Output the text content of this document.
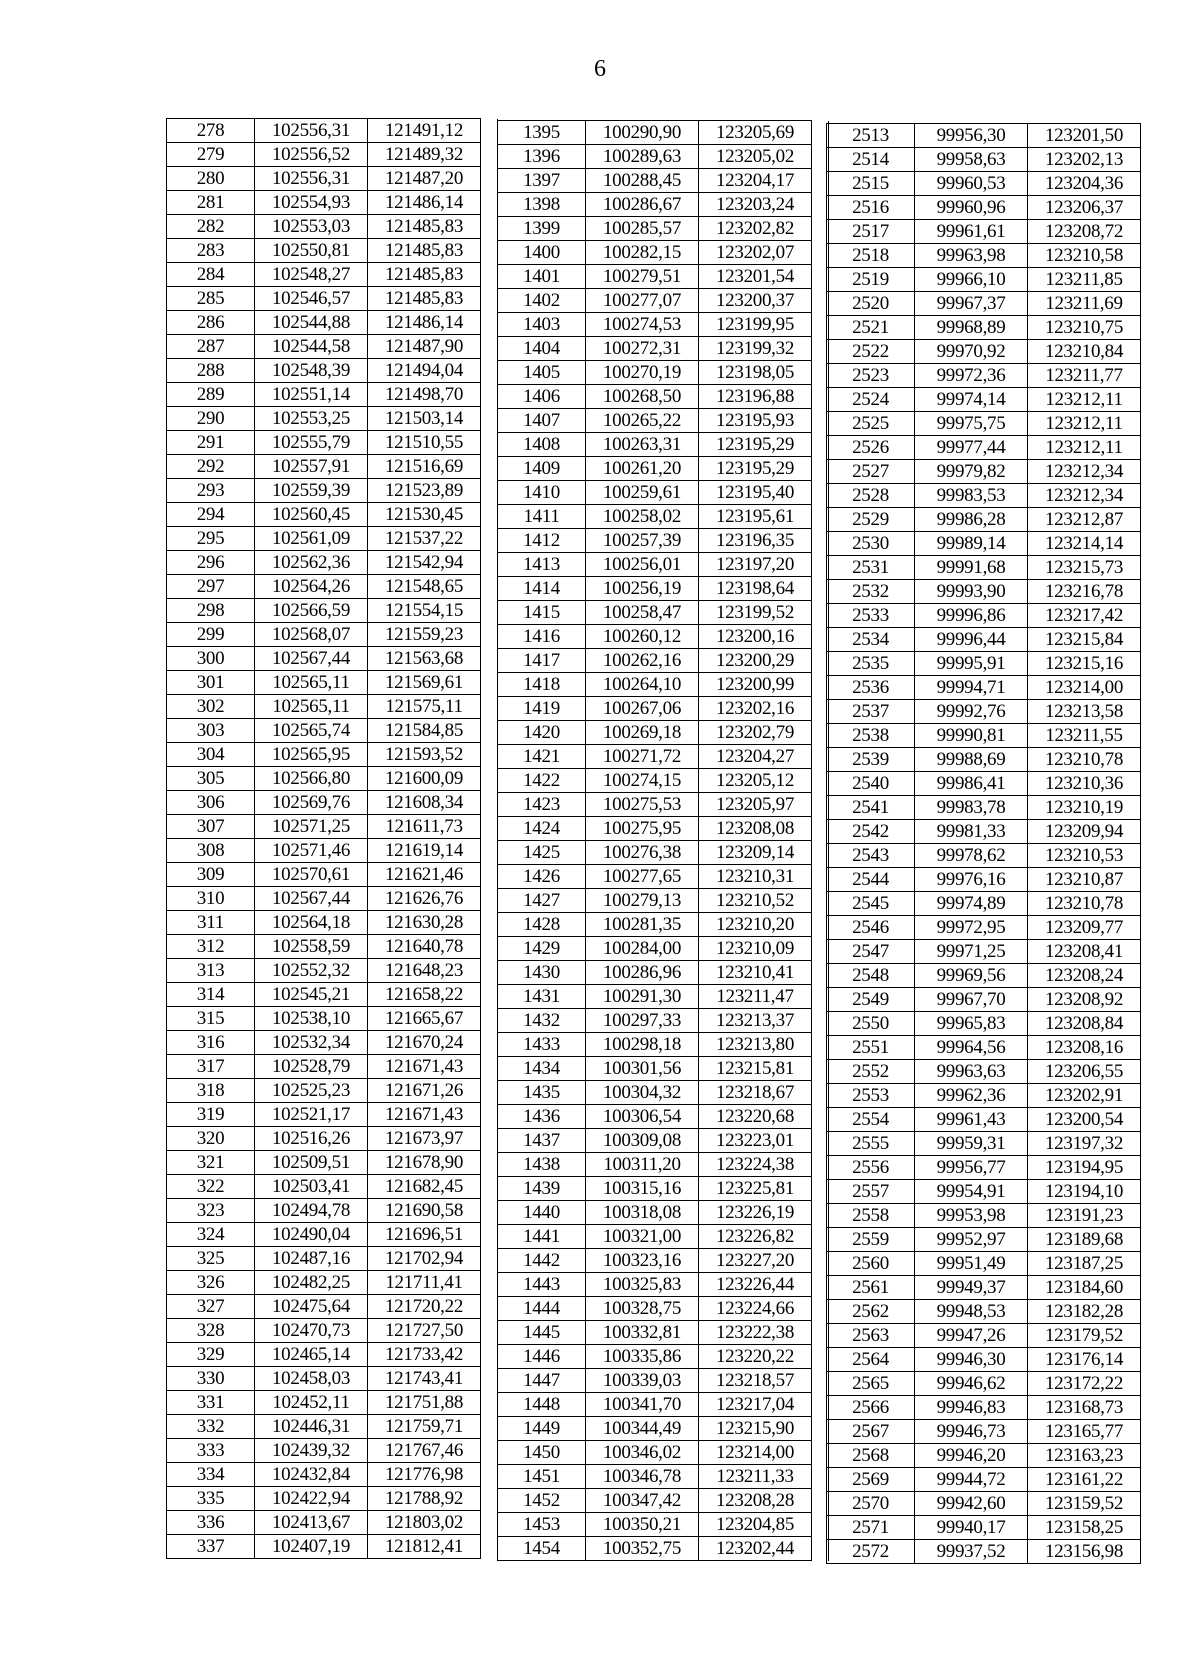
6
278	102556,31	121491,12	
279	102556,52	121489,32	
280	102556,31	121487,20	
281	102554,93	121486,14	
282	102553,03	121485,83	
283	102550,81	121485,83	
284	102548,27	121485,83	
285	102546,57	121485,83	
286	102544,88	121486,14	
287	102544,58	121487,90	
288	102548,39	121494,04	
289	102551,14	121498,70	
290	102553,25	121503,14	
291	102555,79	121510,55	
292	102557,91	121516,69	
293	102559,39	121523,89	
294	102560,45	121530,45	
295	102561,09	121537,22	
296	102562,36	121542,94	
297	102564,26	121548,65	
298	102566,59	121554,15	
299	102568,07	121559,23	
300	102567,44	121563,68	
301	102565,11	121569,61	
302	102565,11	121575,11	
303	102565,74	121584,85	
304	102565,95	121593,52	
305	102566,80	121600,09	
306	102569,76	121608,34	
307	102571,25	121611,73	
308	102571,46	121619,14	
309	102570,61	121621,46	
310	102567,44	121626,76	
311	102564,18	121630,28	
312	102558,59	121640,78	
313	102552,32	121648,23	
314	102545,21	121658,22	
315	102538,10	121665,67	
316	102532,34	121670,24	
317	102528,79	121671,43	
318	102525,23	121671,26	
319	102521,17	121671,43	
320	102516,26	121673,97	
321	102509,51	121678,90	
322	102503,41	121682,45	
323	102494,78	121690,58	
324	102490,04	121696,51	
325	102487,16	121702,94	
326	102482,25	121711,41	
327	102475,64	121720,22	
328	102470,73	121727,50	
329	102465,14	121733,42	
330	102458,03	121743,41	
331	102452,11	121751,88	
332	102446,31	121759,71	
333	102439,32	121767,46	
334	102432,84	121776,98	
335	102422,94	121788,92	
336	102413,67	121803,02	
337	102407,19	121812,41	
1395	100290,90	123205,69	
1396	100289,63	123205,02	
1397	100288,45	123204,17	
1398	100286,67	123203,24	
1399	100285,57	123202,82	
1400	100282,15	123202,07	
1401	100279,51	123201,54	
1402	100277,07	123200,37	
1403	100274,53	123199,95	
1404	100272,31	123199,32	
1405	100270,19	123198,05	
1406	100268,50	123196,88	
1407	100265,22	123195,93	
1408	100263,31	123195,29	
1409	100261,20	123195,29	
1410	100259,61	123195,40	
1411	100258,02	123195,61	
1412	100257,39	123196,35	
1413	100256,01	123197,20	
1414	100256,19	123198,64	
1415	100258,47	123199,52	
1416	100260,12	123200,16	
1417	100262,16	123200,29	
1418	100264,10	123200,99	
1419	100267,06	123202,16	
1420	100269,18	123202,79	
1421	100271,72	123204,27	
1422	100274,15	123205,12	
1423	100275,53	123205,97	
1424	100275,95	123208,08	
1425	100276,38	123209,14	
1426	100277,65	123210,31	
1427	100279,13	123210,52	
1428	100281,35	123210,20	
1429	100284,00	123210,09	
1430	100286,96	123210,41	
1431	100291,30	123211,47	
1432	100297,33	123213,37	
1433	100298,18	123213,80	
1434	100301,56	123215,81	
1435	100304,32	123218,67	
1436	100306,54	123220,68	
1437	100309,08	123223,01	
1438	100311,20	123224,38	
1439	100315,16	123225,81	
1440	100318,08	123226,19	
1441	100321,00	123226,82	
1442	100323,16	123227,20	
1443	100325,83	123226,44	
1444	100328,75	123224,66	
1445	100332,81	123222,38	
1446	100335,86	123220,22	
1447	100339,03	123218,57	
1448	100341,70	123217,04	
1449	100344,49	123215,90	
1450	100346,02	123214,00	
1451	100346,78	123211,33	
1452	100347,42	123208,28	
1453	100350,21	123204,85	
1454	100352,75	123202,44	
2513	99956,30	123201,50
2514	99958,63	123202,13
2515	99960,53	123204,36
2516	99960,96	123206,37
2517	99961,61	123208,72
2518	99963,98	123210,58
2519	99966,10	123211,85
2520	99967,37	123211,69
2521	99968,89	123210,75
2522	99970,92	123210,84
2523	99972,36	123211,77
2524	99974,14	123212,11
2525	99975,75	123212,11
2526	99977,44	123212,11
2527	99979,82	123212,34
2528	99983,53	123212,34
2529	99986,28	123212,87
2530	99989,14	123214,14
2531	99991,68	123215,73
2532	99993,90	123216,78
2533	99996,86	123217,42
2534	99996,44	123215,84
2535	99995,91	123215,16
2536	99994,71	123214,00
2537	99992,76	123213,58
2538	99990,81	123211,55
2539	99988,69	123210,78
2540	99986,41	123210,36
2541	99983,78	123210,19
2542	99981,33	123209,94
2543	99978,62	123210,53
2544	99976,16	123210,87
2545	99974,89	123210,78
2546	99972,95	123209,77
2547	99971,25	123208,41
2548	99969,56	123208,24
2549	99967,70	123208,92
2550	99965,83	123208,84
2551	99964,56	123208,16
2552	99963,63	123206,55
2553	99962,36	123202,91
2554	99961,43	123200,54
2555	99959,31	123197,32
2556	99956,77	123194,95
2557	99954,91	123194,10
2558	99953,98	123191,23
2559	99952,97	123189,68
2560	99951,49	123187,25
2561	99949,37	123184,60
2562	99948,53	123182,28
2563	99947,26	123179,52
2564	99946,30	123176,14
2565	99946,62	123172,22
2566	99946,83	123168,73
2567	99946,73	123165,77
2568	99946,20	123163,23
2569	99944,72	123161,22
2570	99942,60	123159,52
2571	99940,17	123158,25
2572	99937,52	123156,98
